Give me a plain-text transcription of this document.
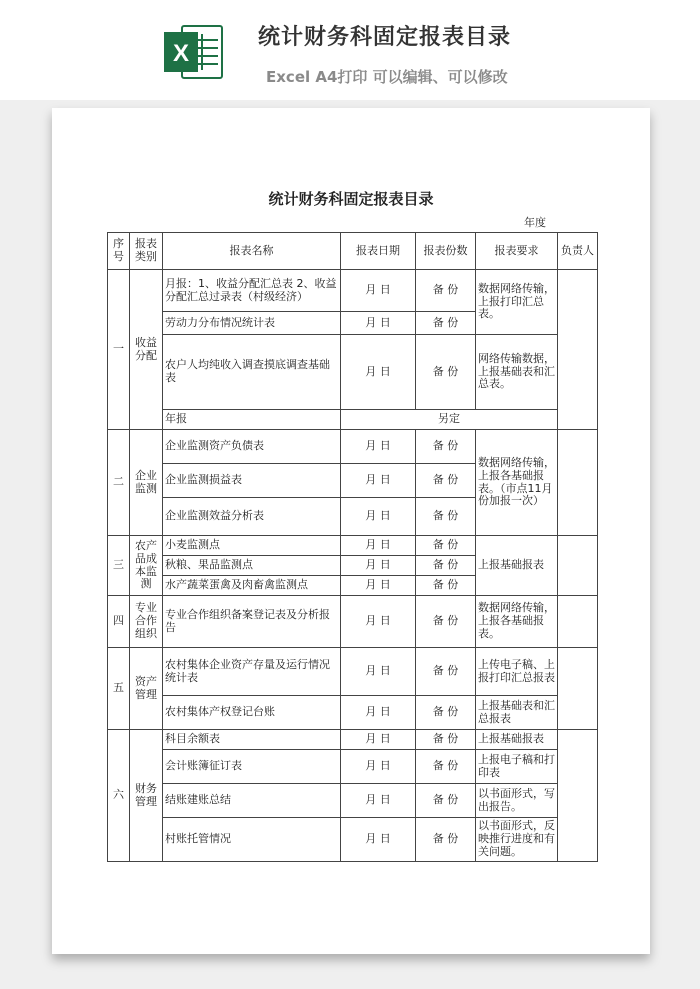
X
统计财务科固定报表目录
Excel A4打印 可以编辑、可以修改
统计财务科固定报表目录
年度
序号	报表类别	报表名称	报表日期	报表份数	报表要求	负责人
一	收益分配	月报：1、收益分配汇总表 2、收益分配汇总过录表（村级经济）	月 日	备 份	数据网络传输，上报打印汇总表。	
		劳动力分布情况统计表	月 日	备 份		
		农户人均纯收入调查摸底调查基础表	月 日	备 份	网络传输数据，上报基础表和汇总表。	
		年报	另定			
二	企业监测	企业监测资产负债表	月 日	备 份	数据网络传输，上报各基础报表。（市点11月份加报一次）	
		企业监测损益表	月 日	备 份		
		企业监测效益分析表	月 日	备 份		
三	农产品成本监测	小麦监测点	月 日	备 份	上报基础报表	
		秋粮、果品监测点	月 日	备 份		
		水产蔬菜蛋禽及肉畜禽监测点	月 日	备 份		
四	专业合作组织	专业合作组织备案登记表及分析报告	月 日	备 份	数据网络传输，上报各基础报表。	
五	资产管理	农村集体企业资产存量及运行情况统计表	月 日	备 份	上传电子稿、上报打印汇总报表	
		农村集体产权登记台账	月 日	备 份	上报基础表和汇总报表	
六	财务管理	科目余额表	月 日	备 份	上报基础报表	
		会计账簿征订表	月 日	备 份	上报电子稿和打印表	
		结账建账总结	月 日	备 份	以书面形式，写出报告。	
		村账托管情况	月 日	备 份	以书面形式，反映推行进度和有关问题。	
